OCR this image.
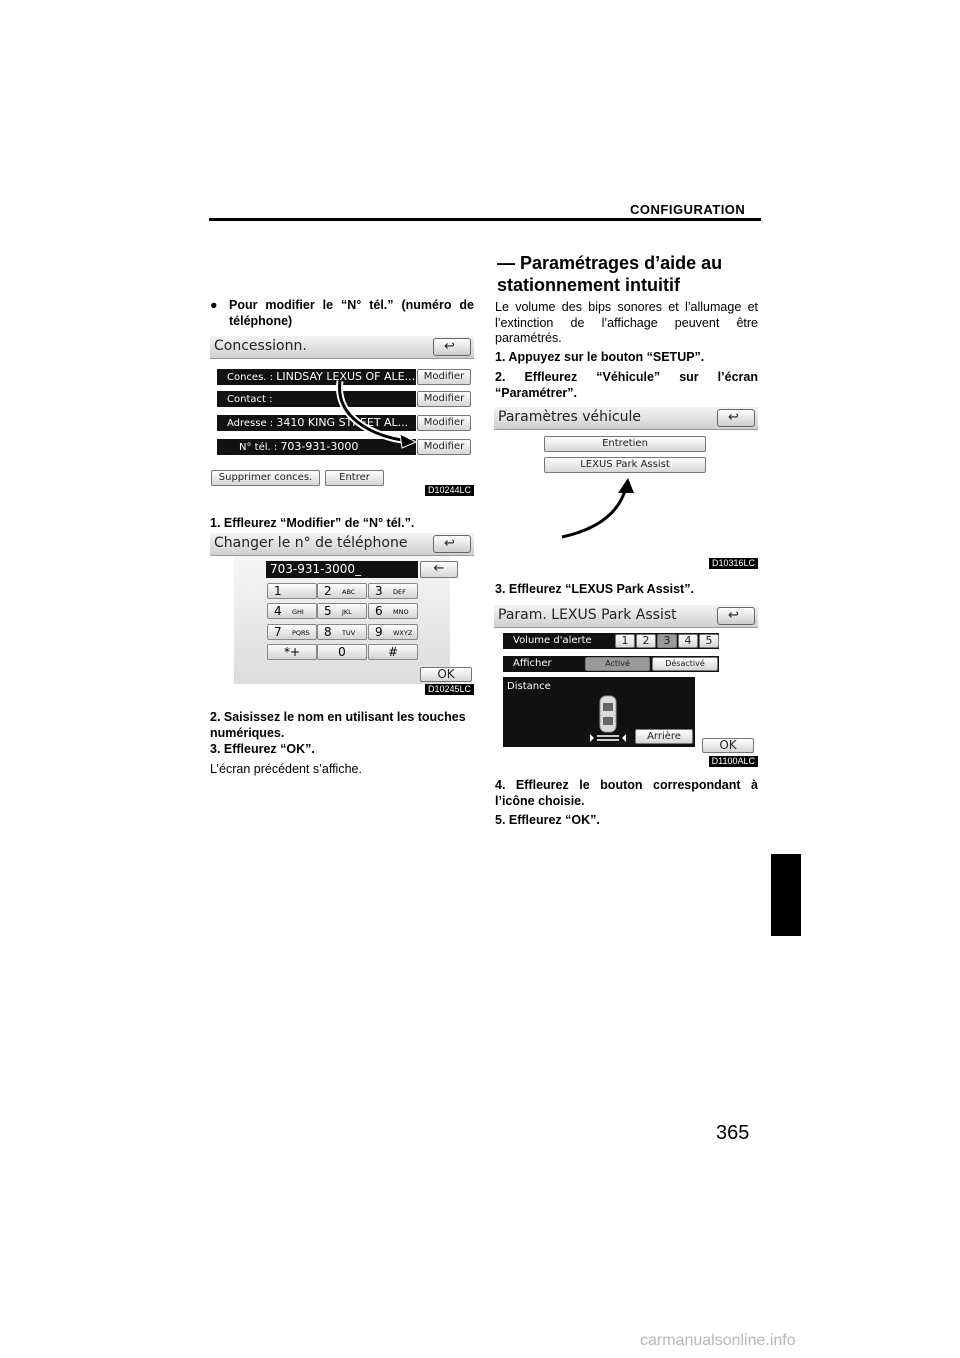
CONFIGURATION
365
carmanualsonline.info
● Pour modifier le “N° tél.” (numéro de téléphone)
Concessionn.	↩
Conces. : LINDSAY LEXUS OF ALE... Modifier
Contact :	Modifier
Adresse : 3410 KING STREET AL...	Modifier
N° tél. : 703-931-3000	Modifier
Supprimer conces.	Entrer
D10244LC
1. Effleurez “Modifier” de “N° tél.”.
Changer le n° de téléphone	↩
703-931-3000_	←
1	2 ABC 3 DEF
4 GHI 5 JKL 6 MNO
7 PQRS 8 TUV 9 WXYZ
*+	0	#
OK
D10245LC
2. Saisissez le nom en utilisant les touches numériques.
3. Effleurez “OK”.
L’écran précédent s’affiche.
— Paramétrages d’aide au
stationnement intuitif
Le volume des bips sonores et l’allumage et l’extinction de l’affichage peuvent être paramétrés.
1. Appuyez sur le bouton “SETUP”.
2. Effleurez “Véhicule” sur l’écran “Paramétrer”.
Paramètres véhicule	↩
Entretien
LEXUS Park Assist
D10316LC
3. Effleurez “LEXUS Park Assist”.
Param. LEXUS Park Assist	↩
Volume d'alerte	1	2	3	4	5
Afficher	Activé	Désactivé
Distance
Arrière
OK
D1100ALC
4. Effleurez le bouton correspondant à l’icône choisie.
5. Effleurez “OK”.
